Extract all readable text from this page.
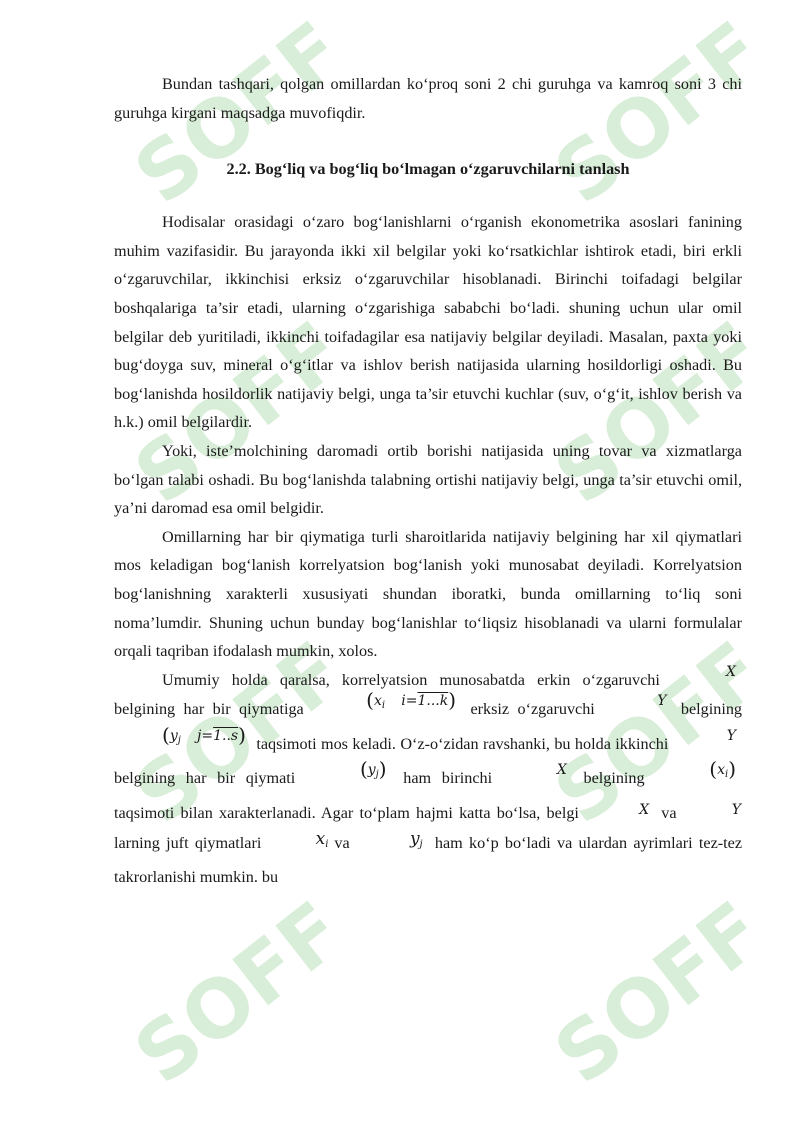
SOFF SOFF
SOFF SOFF
SOFF SOFF
SOFF SOFF

Bundan tashqari, qolgan omillardan ko‘proq soni 2 chi guruhga va kamroq soni 3 chi guruhga kirgani maqsadga muvofiqdir.

2.2. Bog‘liq va bog‘liq bo‘lmagan o‘zgaruvchilarni tanlash

Hodisalar orasidagi o‘zaro bog‘lanishlarni o‘rganish ekonometrika asoslari fanining muhim vazifasidir. Bu jarayonda ikki xil belgilar yoki ko‘rsatkichlar ishtirok etadi, biri erkli o‘zgaruvchilar, ikkinchisi erksiz o‘zgaruvchilar hisoblanadi. Birinchi toifadagi belgilar boshqalariga ta’sir etadi, ularning o‘zgarishiga sababchi bo‘ladi. shuning uchun ular omil belgilar deb yuritiladi, ikkinchi toifadagilar esa natijaviy belgilar deyiladi. Masalan, paxta yoki bug‘doyga suv, mineral o‘g‘itlar va ishlov berish natijasida ularning hosildorligi oshadi. Bu bog‘lanishda hosildorlik natijaviy belgi, unga ta’sir etuvchi kuchlar (suv, o‘g‘it, ishlov berish va h.k.) omil belgilardir.

Yoki, iste’molchining daromadi ortib borishi natijasida uning tovar va xizmatlarga bo‘lgan talabi oshadi. Bu bog‘lanishda talabning ortishi natijaviy belgi, unga ta’sir etuvchi omil, ya’ni daromad esa omil belgidir.

Omillarning har bir qiymatiga turli sharoitlarida natijaviy belgining har xil qiymatlari mos keladigan bog‘lanish korrelyatsion bog‘lanish yoki munosabat deyiladi. Korrelyatsion bog‘lanishning xarakterli xususiyati shundan iboratki, bunda omillarning to‘liq soni noma’lumdir. Shuning uchun bunday bog‘lanishlar to‘liqsiz hisoblanadi va ularni formulalar orqali taqriban ifodalash mumkin, xolos.

Umumiy holda qaralsa, korrelyatsion munosabatda erkin o‘zgaruvchi	X belgining har bir qiymatiga	($x_i$ i=1...k) erksiz o‘zgaruvchi	Y belgining ($y_j$ j=1..s) taqsimoti mos keladi. O‘z-o‘zidan ravshanki, bu holda ikkinchi	Y belgining har bir qiymati	$(y_j)$ ham birinchi	X belgining	$(x_i)$ taqsimoti bilan xarakterlanadi. Agar to‘plam hajmi katta bo‘lsa, belgi	X va	Ylarning juft qiymatlari	$x_i$ va	$y_j$ ham ko‘p bo‘ladi va ulardan ayrimlari tez-tez takrorlanishi mumkin. bu
